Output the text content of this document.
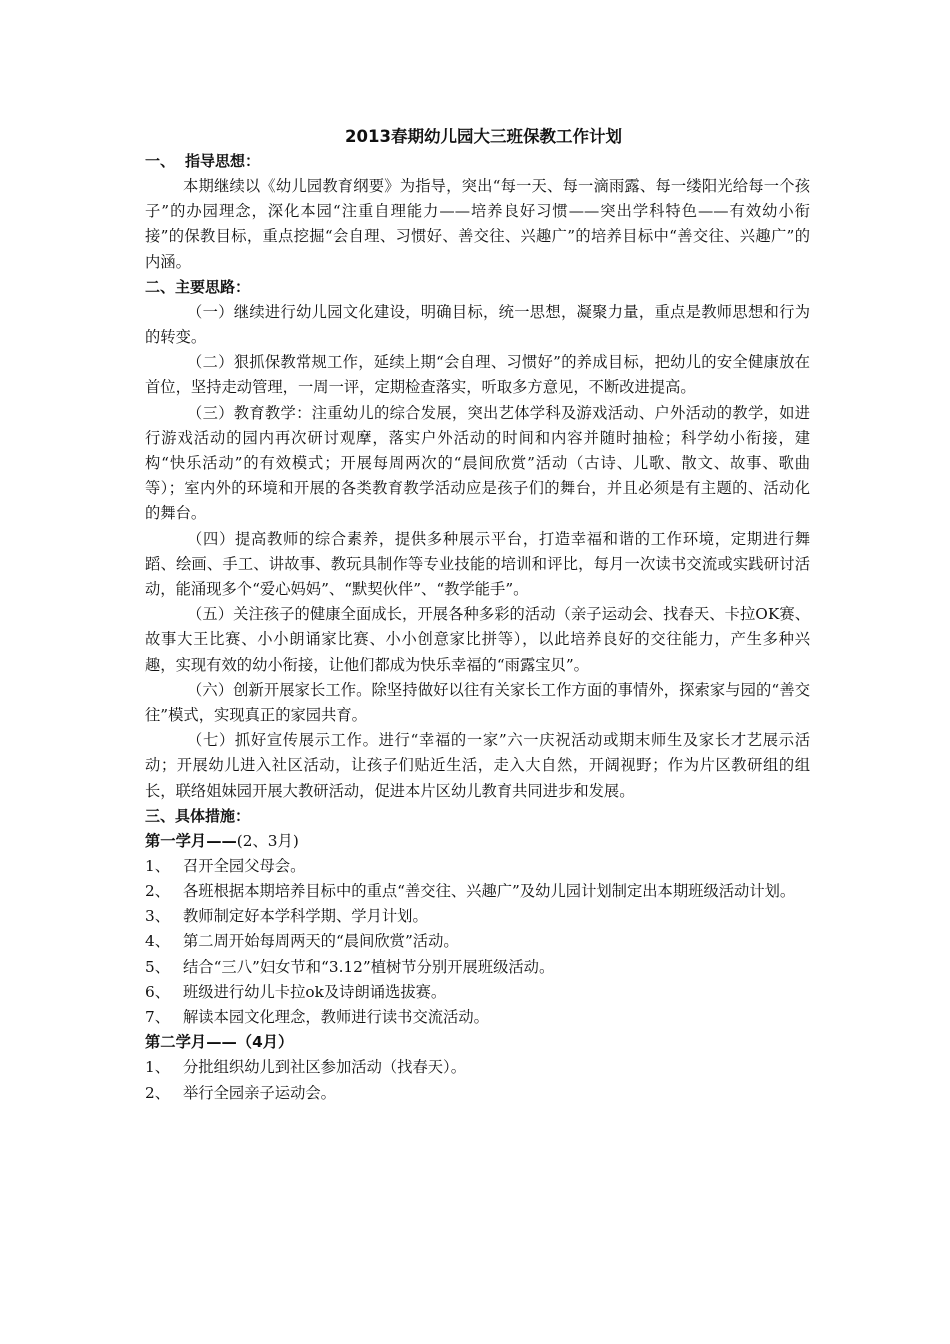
2013春期幼儿园大三班保教工作计划
一、 指导思想：

本期继续以《幼儿园教育纲要》为指导，突出“每一天、每一滴雨露、每一缕阳光给每一个孩子”的办园理念，深化本园“注重自理能力——培养良好习惯——突出学科特色——有效幼小衔接”的保教目标，重点挖掘“会自理、习惯好、善交往、兴趣广”的培养目标中“善交往、兴趣广”的内涵。

二、主要思路：

（一）继续进行幼儿园文化建设，明确目标，统一思想，凝聚力量，重点是教师思想和行为的转变。

（二）狠抓保教常规工作，延续上期“会自理、习惯好”的养成目标，把幼儿的安全健康放在首位，坚持走动管理，一周一评，定期检查落实，听取多方意见，不断改进提高。

（三）教育教学：注重幼儿的综合发展，突出艺体学科及游戏活动、户外活动的教学，如进行游戏活动的园内再次研讨观摩，落实户外活动的时间和内容并随时抽检；科学幼小衔接，建构“快乐活动”的有效模式；开展每周两次的“晨间欣赏”活动（古诗、儿歌、散文、故事、歌曲等）；室内外的环境和开展的各类教育教学活动应是孩子们的舞台，并且必须是有主题的、活动化的舞台。

（四）提高教师的综合素养，提供多种展示平台，打造幸福和谐的工作环境，定期进行舞蹈、绘画、手工、讲故事、教玩具制作等专业技能的培训和评比，每月一次读书交流或实践研讨活动，能涌现多个“爱心妈妈”、“默契伙伴”、“教学能手”。

（五）关注孩子的健康全面成长，开展各种多彩的活动（亲子运动会、找春天、卡拉OK赛、故事大王比赛、小小朗诵家比赛、小小创意家比拼等），以此培养良好的交往能力，产生多种兴趣，实现有效的幼小衔接，让他们都成为快乐幸福的“雨露宝贝”。

（六）创新开展家长工作。除坚持做好以往有关家长工作方面的事情外，探索家与园的“善交往”模式，实现真正的家园共育。

（七）抓好宣传展示工作。进行“幸福的一家”六一庆祝活动或期末师生及家长才艺展示活动；开展幼儿进入社区活动，让孩子们贴近生活，走入大自然，开阔视野；作为片区教研组的组长，联络姐妹园开展大教研活动，促进本片区幼儿教育共同进步和发展。

三、具体措施：
第一学月——(2、3月)

1、 召开全园父母会。

2、 各班根据本期培养目标中的重点“善交往、兴趣广”及幼儿园计划制定出本期班级活动计划。

3、 教师制定好本学科学期、学月计划。

4、 第二周开始每周两天的“晨间欣赏”活动。

5、 结合“三八”妇女节和“3.12”植树节分别开展班级活动。

6、 班级进行幼儿卡拉ok及诗朗诵选拔赛。

7、 解读本园文化理念，教师进行读书交流活动。

第二学月——（4月）

1、 分批组织幼儿到社区参加活动（找春天）。

2、 举行全园亲子运动会。
